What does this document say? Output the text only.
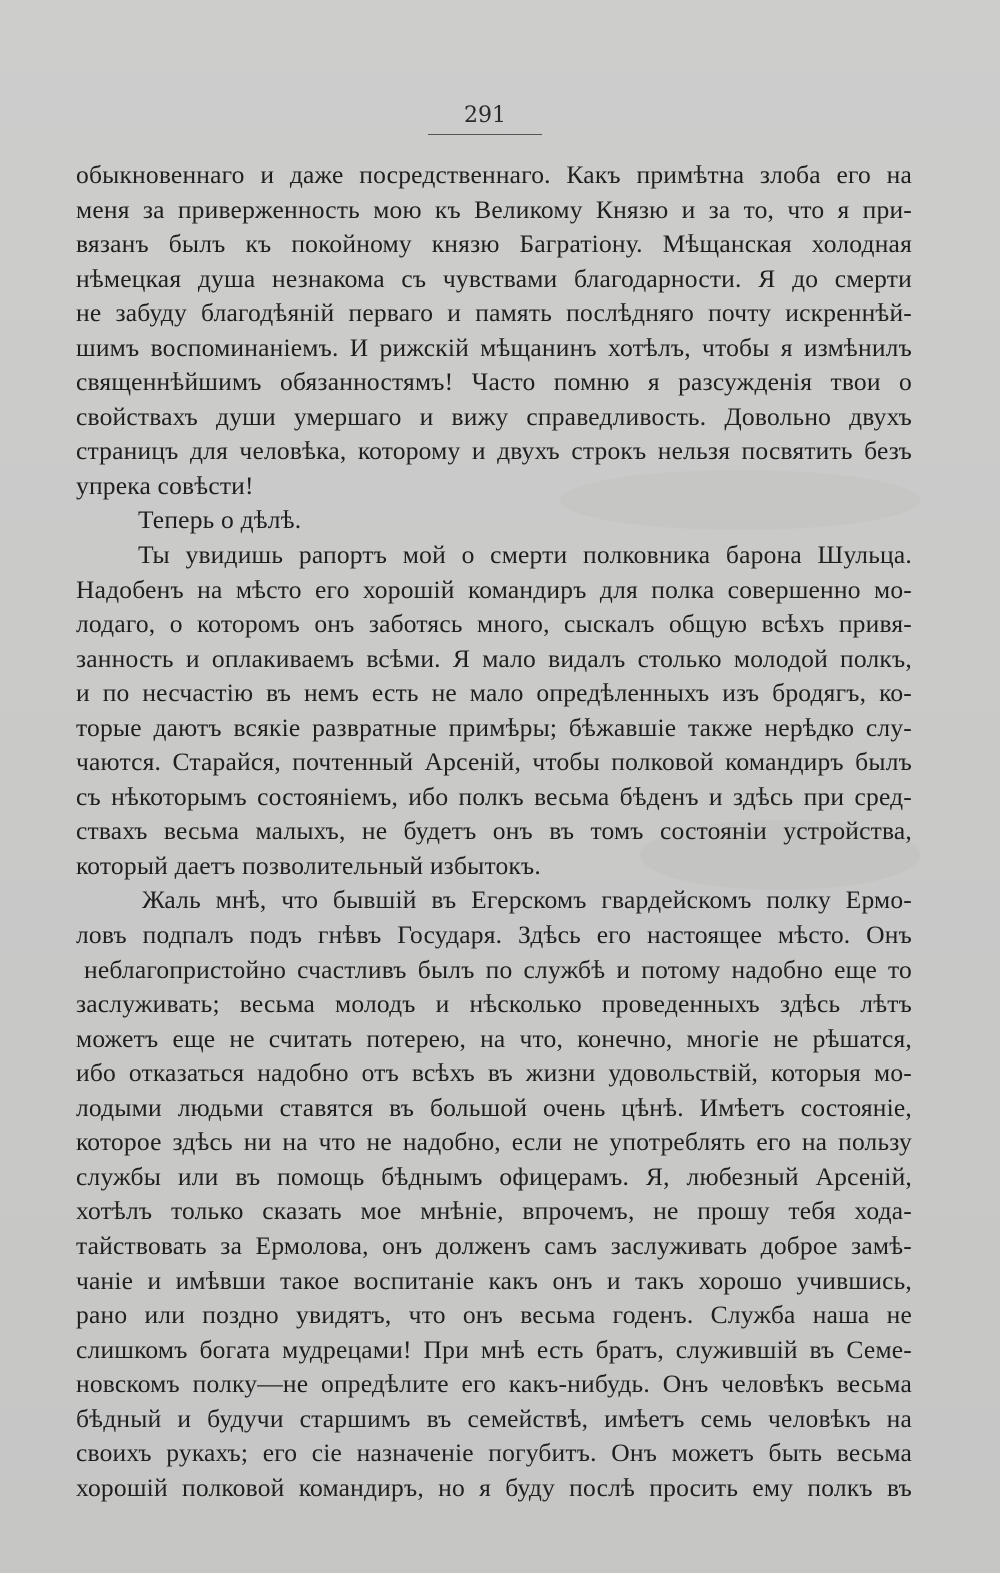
291
обыкновеннаго и даже посредственнаго. Какъ примѣтна злоба его на
меня за приверженность мою къ Великому Князю и за то, что я при-
вязанъ былъ къ покойному князю Багратіону. Мѣщанская холодная
нѣмецкая душа незнакома съ чувствами благодарности. Я до смерти
не забуду благодѣяній перваго и память послѣдняго почту искреннѣй-
шимъ воспоминаніемъ. И рижскій мѣщанинъ хотѣлъ, чтобы я измѣнилъ
священнѣйшимъ обязанностямъ! Часто помню я разсужденія твои о
свойствахъ души умершаго и вижу справедливость. Довольно двухъ
страницъ для человѣка, которому и двухъ строкъ нельзя посвятить безъ
упрека совѣсти!
Теперь о дѣлѣ.
Ты увидишь рапортъ мой о смерти полковника барона Шульца.
Надобенъ на мѣсто его хорошій командиръ для полка совершенно мо-
лодаго, о которомъ онъ заботясь много, сыскалъ общую всѣхъ привя-
занность и оплакиваемъ всѣми. Я мало видалъ столько молодой полкъ,
и по несчастію въ немъ есть не мало опредѣленныхъ изъ бродягъ, ко-
торые даютъ всякіе развратные примѣры; бѣжавшіе также нерѣдко слу-
чаются. Старайся, почтенный Арсеній, чтобы полковой командиръ былъ
съ нѣкоторымъ состояніемъ, ибо полкъ весьма бѣденъ и здѣсь при сред-
ствахъ весьма малыхъ, не будетъ онъ въ томъ состояніи устройства,
который даетъ позволительный избытокъ.
Жаль мнѣ, что бывшій въ Егерскомъ гвардейскомъ полку Ермо-
ловъ подпалъ подъ гнѣвъ Государя. Здѣсь его настоящее мѣсто. Онъ
неблагопристойно счастливъ былъ по службѣ и потому надобно еще то
заслуживать; весьма молодъ и нѣсколько проведенныхъ здѣсь лѣтъ
можетъ еще не считать потерею, на что, конечно, многіе не рѣшатся,
ибо отказаться надобно отъ всѣхъ въ жизни удовольствій, которыя мо-
лодыми людьми ставятся въ большой очень цѣнѣ. Имѣетъ состояніе,
которое здѣсь ни на что не надобно, если не употреблять его на пользу
службы или въ помощь бѣднымъ офицерамъ. Я, любезный Арсеній,
хотѣлъ только сказать мое мнѣніе, впрочемъ, не прошу тебя хода-
тайствовать за Ермолова, онъ долженъ самъ заслуживать доброе замѣ-
чаніе и имѣвши такое воспитаніе какъ онъ и такъ хорошо учившись,
рано или поздно увидятъ, что онъ весьма годенъ. Служба наша не
слишкомъ богата мудрецами! При мнѣ есть братъ, служившій въ Семе-
новскомъ полку—не опредѣлите его какъ-нибудь. Онъ человѣкъ весьма
бѣдный и будучи старшимъ въ семействѣ, имѣетъ семь человѣкъ на
своихъ рукахъ; его сіе назначеніе погубитъ. Онъ можетъ быть весьма
хорошій полковой командиръ, но я буду послѣ просить ему полкъ въ
